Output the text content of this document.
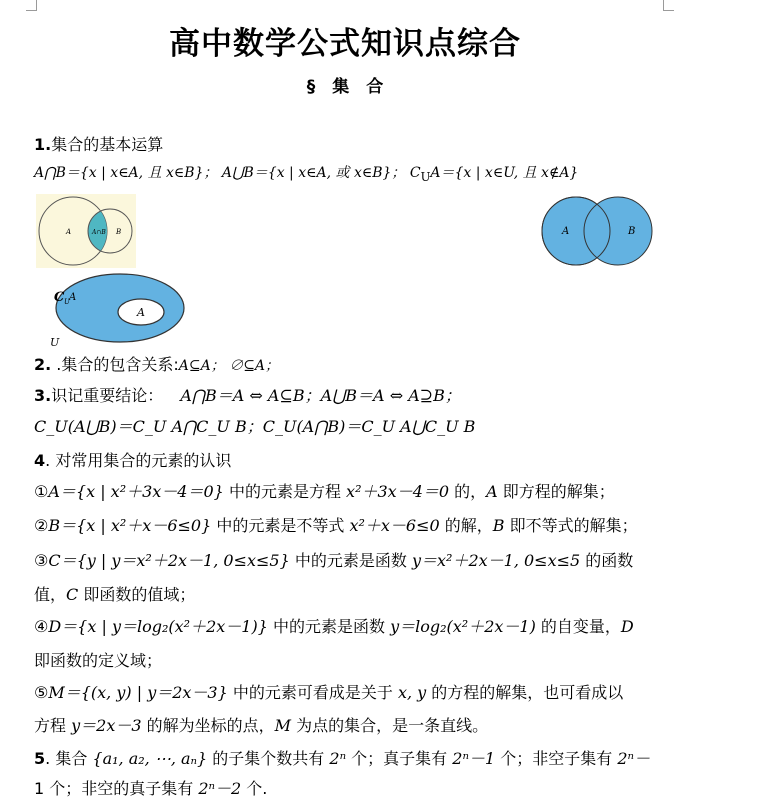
高中数学公式知识点综合
§　集　合
1.集合的基本运算
A⋂B＝{x | x∈A, 且 x∈B}； A⋃B＝{x | x∈A, 或 x∈B}； $C_UA=\{x$ | x∈U, 且 x∉A}
A	A∩B B	A	B
C U A
A
U
2. .集合的包含关系:A⊆A； ∅⊆A；
3.识记重要结论： A⋂B＝A ⇔ A⊆B；A⋃B＝A ⇔ A⊇B；
C_U(A⋃B)＝C_U A⋂C_U B；C_U(A⋂B)＝C_U A⋃C_U B
4. 对常用集合的元素的认识
①A＝{x | x²＋3x－4＝0} 中的元素是方程 x²＋3x－4＝0 的，A 即方程的解集；
②B＝{x | x²＋x－6≤0} 中的元素是不等式 x²＋x－6≤0 的解，B 即不等式的解集；
③C＝{y | y＝x²＋2x－1, 0≤x≤5} 中的元素是函数 y＝x²＋2x－1, 0≤x≤5 的函数
值，C 即函数的值域；
④D＝{x | y＝log₂(x²＋2x－1)} 中的元素是函数 y＝log₂(x²＋2x－1) 的自变量，D
即函数的定义域；
⑤M＝{(x, y) | y＝2x－3} 中的元素可看成是关于 x, y 的方程的解集，也可看成以
方程 y＝2x－3 的解为坐标的点，M 为点的集合，是一条直线。
5. 集合 {a₁, a₂, ⋯, aₙ} 的子集个数共有 2ⁿ 个；真子集有 2ⁿ－1 个；非空子集有 2ⁿ－
1 个；非空的真子集有 2ⁿ－2 个.
